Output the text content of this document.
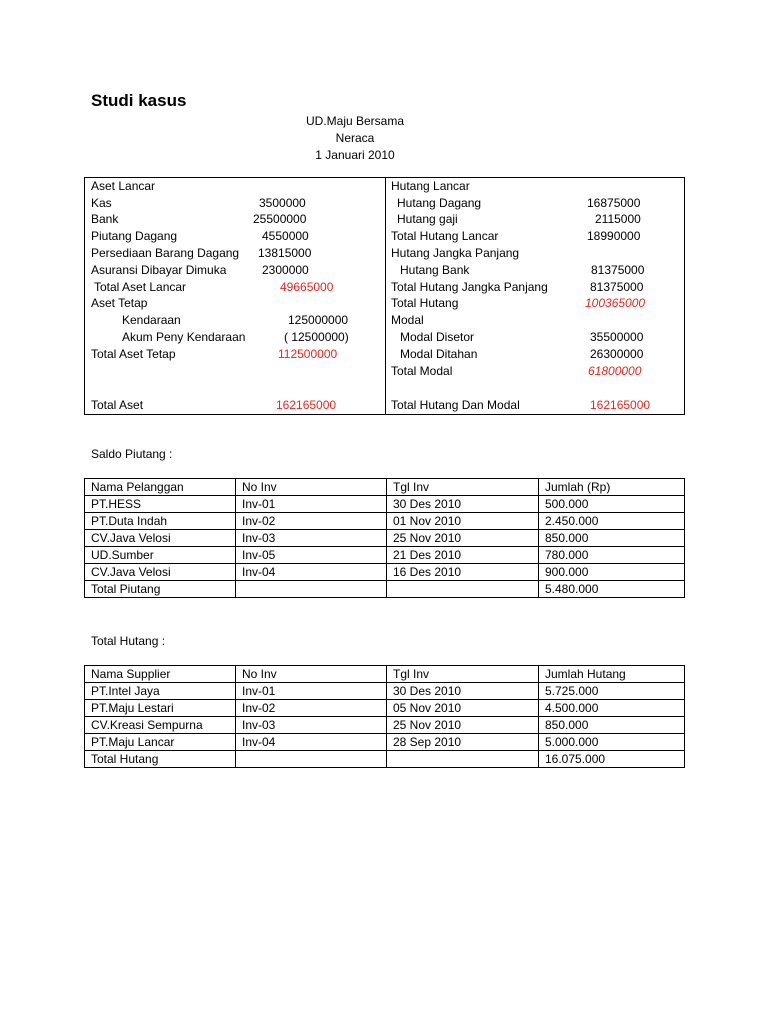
Studi kasus
UD.Maju Bersama
Neraca
1 Januari 2010
Aset Lancar
Kas	3500000
Bank	25500000
Piutang Dagang	4550000
Persediaan Barang Dagang 13815000
Asuransi Dibayar Dimuka	2300000
Total Aset Lancar	49665000
Aset Tetap
Kendaraan	125000000
Akum Peny Kendaraan	( 12500000)
Total Aset Tetap	112500000
Total Aset	162165000
Hutang Lancar
Hutang Dagang	16875000
Hutang gaji	2115000
Total Hutang Lancar	18990000
Hutang Jangka Panjang
Hutang Bank	81375000
Total Hutang Jangka Panjang	81375000
Total Hutang	100365000
Modal
Modal Disetor	35500000
Modal Ditahan	26300000
Total Modal	61800000
Total Hutang Dan Modal	162165000
Saldo Piutang :
Nama Pelanggan	No Inv	Tgl Inv	Jumlah (Rp)
PT.HESS	Inv-01	30 Des 2010	500.000
PT.Duta Indah	Inv-02	01 Nov 2010	2.450.000
CV.Java Velosi	Inv-03	25 Nov 2010	850.000
UD.Sumber	Inv-05	21 Des 2010	780.000
CV.Java Velosi	Inv-04	16 Des 2010	900.000
Total Piutang			5.480.000
Total Hutang :
Nama Supplier	No Inv	Tgl Inv	Jumlah Hutang
PT.Intel Jaya	Inv-01	30 Des 2010	5.725.000
PT.Maju Lestari	Inv-02	05 Nov 2010	4.500.000
CV.Kreasi Sempurna	Inv-03	25 Nov 2010	850.000
PT.Maju Lancar	Inv-04	28 Sep 2010	5.000.000
Total Hutang			16.075.000
